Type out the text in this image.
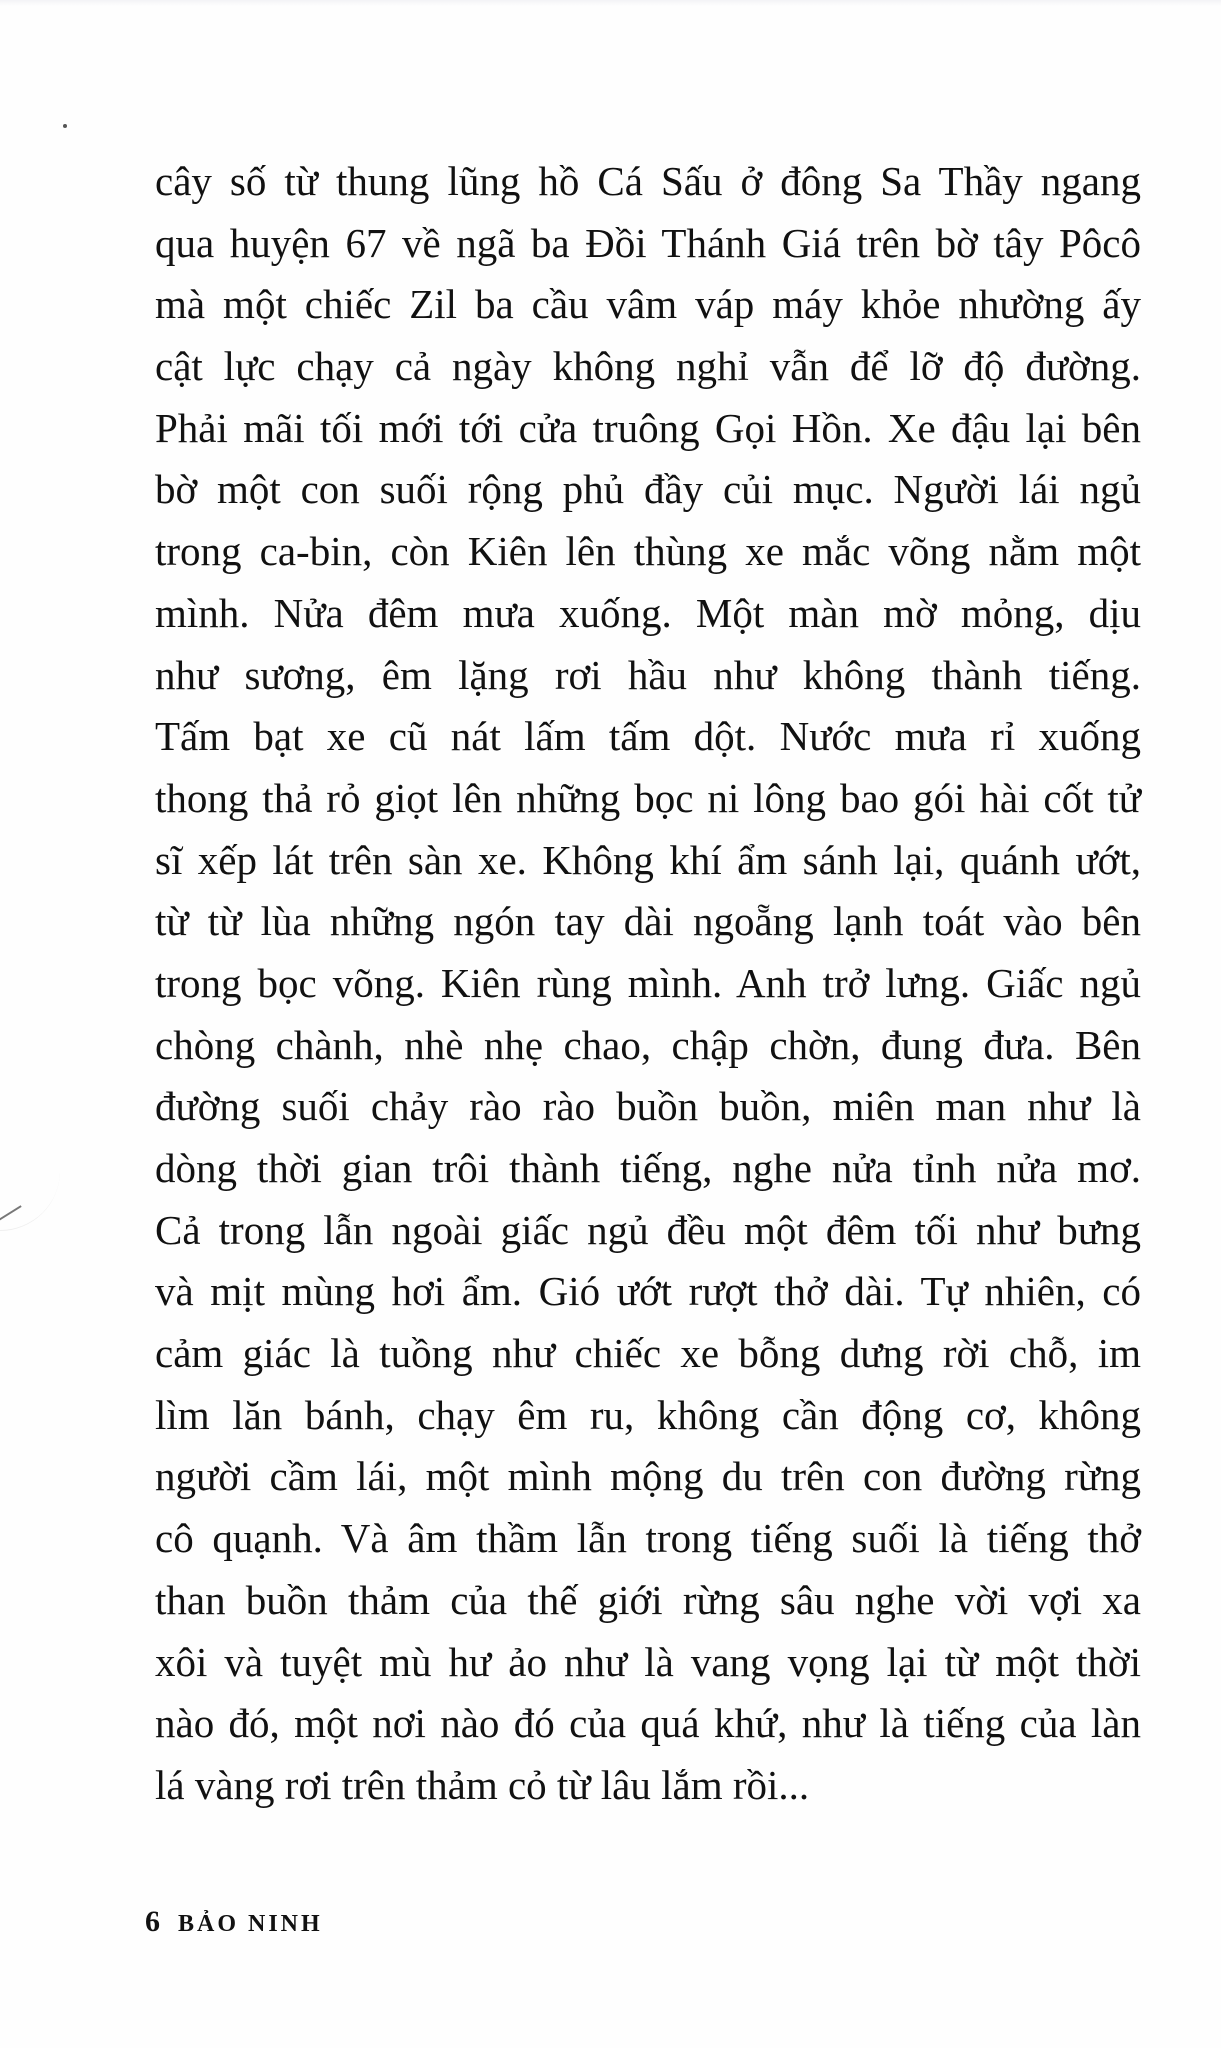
cây số từ thung lũng hồ Cá Sấu ở đông Sa Thầy ngang
qua huyện 67 về ngã ba Đồi Thánh Giá trên bờ tây Pôcô
mà một chiếc Zil ba cầu vâm váp máy khỏe nhường ấy
cật lực chạy cả ngày không nghỉ vẫn để lỡ độ đường.
Phải mãi tối mới tới cửa truông Gọi Hồn. Xe đậu lại bên
bờ một con suối rộng phủ đầy củi mục. Người lái ngủ
trong ca-bin, còn Kiên lên thùng xe mắc võng nằm một
mình. Nửa đêm mưa xuống. Một màn mờ mỏng, dịu
như sương, êm lặng rơi hầu như không thành tiếng.
Tấm bạt xe cũ nát lấm tấm dột. Nước mưa rỉ xuống
thong thả rỏ giọt lên những bọc ni lông bao gói hài cốt tử
sĩ xếp lát trên sàn xe. Không khí ẩm sánh lại, quánh ướt,
từ từ lùa những ngón tay dài ngoẵng lạnh toát vào bên
trong bọc võng. Kiên rùng mình. Anh trở lưng. Giấc ngủ
chòng chành, nhè nhẹ chao, chập chờn, đung đưa. Bên
đường suối chảy rào rào buồn buồn, miên man như là
dòng thời gian trôi thành tiếng, nghe nửa tỉnh nửa mơ.
Cả trong lẫn ngoài giấc ngủ đều một đêm tối như bưng
và mịt mùng hơi ẩm. Gió ướt rượt thở dài. Tự nhiên, có
cảm giác là tuồng như chiếc xe bỗng dưng rời chỗ, im
lìm lăn bánh, chạy êm ru, không cần động cơ, không
người cầm lái, một mình mộng du trên con đường rừng
cô quạnh. Và âm thầm lẫn trong tiếng suối là tiếng thở
than buồn thảm của thế giới rừng sâu nghe vời vợi xa
xôi và tuyệt mù hư ảo như là vang vọng lại từ một thời
nào đó, một nơi nào đó của quá khứ, như là tiếng của làn
lá vàng rơi trên thảm cỏ từ lâu lắm rồi...
6 BẢO NINH
